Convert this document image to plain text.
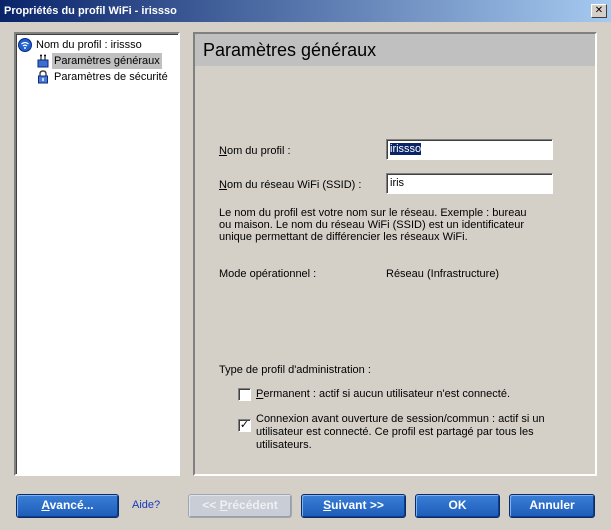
Propriétés du profil WiFi - irissso	✕
Nom du profil : irissso
Paramètres généraux
Paramètres de sécurité
Paramètres généraux
Nom du profil :	irissso
Nom du réseau WiFi (SSID) :	iris
Le nom du profil est votre nom sur le réseau. Exemple : bureau ou maison. Le nom du réseau WiFi (SSID) est un identificateur unique permettant de différencier les réseaux WiFi.
Mode opérationnel :	Réseau (Infrastructure)
Type de profil d'administration :
Permanent : actif si aucun utilisateur n'est connecté.
✓ Connexion avant ouverture de session/commun : actif si un utilisateur est connecté. Ce profil est partagé par tous les utilisateurs.
Avancé...	Aide?	<< Précédent	Suivant >>	OK	Annuler
